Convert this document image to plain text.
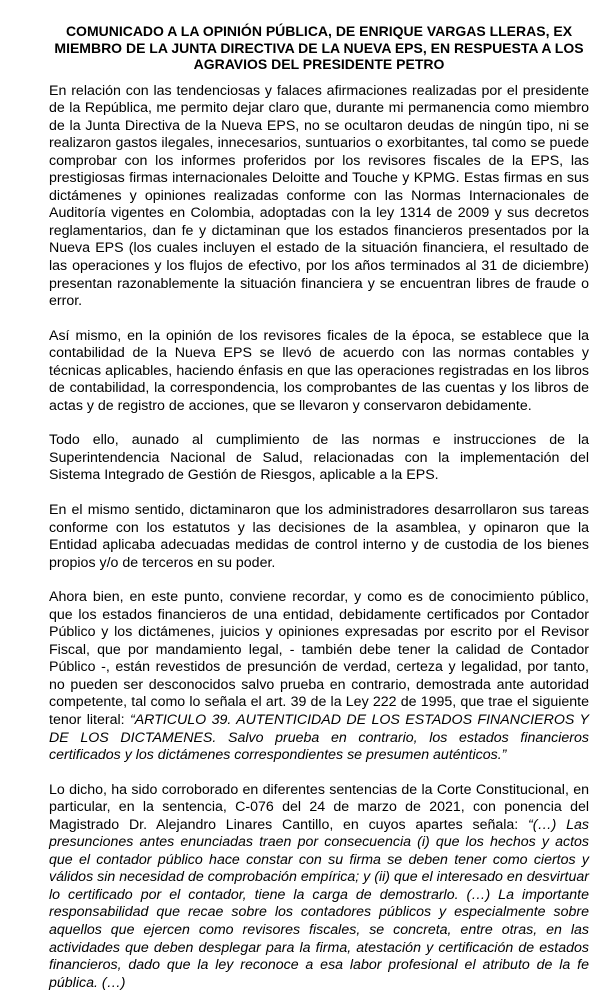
COMUNICADO A LA OPINIÓN PÚBLICA, DE ENRIQUE VARGAS LLERAS, EX MIEMBRO DE LA JUNTA DIRECTIVA DE LA NUEVA EPS, EN RESPUESTA A LOS AGRAVIOS DEL PRESIDENTE PETRO

En relación con las tendenciosas y falaces afirmaciones realizadas por el presidente de la República, me permito dejar claro que, durante mi permanencia como miembro de la Junta Directiva de la Nueva EPS, no se ocultaron deudas de ningún tipo, ni se realizaron gastos ilegales, innecesarios, suntuarios o exorbitantes, tal como se puede comprobar con los informes proferidos por los revisores fiscales de la EPS, las prestigiosas firmas internacionales Deloitte and Touche y KPMG. Estas firmas en sus dictámenes y opiniones realizadas conforme con las Normas Internacionales de Auditoría vigentes en Colombia, adoptadas con la ley 1314 de 2009 y sus decretos reglamentarios, dan fe y dictaminan que los estados financieros presentados por la Nueva EPS (los cuales incluyen el estado de la situación financiera, el resultado de las operaciones y los flujos de efectivo, por los años terminados al 31 de diciembre) presentan razonablemente la situación financiera y se encuentran libres de fraude o error.

Así mismo, en la opinión de los revisores ficales de la época, se establece que la contabilidad de la Nueva EPS se llevó de acuerdo con las normas contables y técnicas aplicables, haciendo énfasis en que las operaciones registradas en los libros de contabilidad, la correspondencia, los comprobantes de las cuentas y los libros de actas y de registro de acciones, que se llevaron y conservaron debidamente.

Todo ello, aunado al cumplimiento de las normas e instrucciones de la Superintendencia Nacional de Salud, relacionadas con la implementación del Sistema Integrado de Gestión de Riesgos, aplicable a la EPS.

En el mismo sentido, dictaminaron que los administradores desarrollaron sus tareas conforme con los estatutos y las decisiones de la asamblea, y opinaron que la Entidad aplicaba adecuadas medidas de control interno y de custodia de los bienes propios y/o de terceros en su poder.

Ahora bien, en este punto, conviene recordar, y como es de conocimiento público, que los estados financieros de una entidad, debidamente certificados por Contador Público y los dictámenes, juicios y opiniones expresadas por escrito por el Revisor Fiscal, que por mandamiento legal, - también debe tener la calidad de Contador Público -, están revestidos de presunción de verdad, certeza y legalidad, por tanto, no pueden ser desconocidos salvo prueba en contrario, demostrada ante autoridad competente, tal como lo señala el art. 39 de la Ley 222 de 1995, que trae el siguiente tenor literal: “ARTICULO 39. AUTENTICIDAD DE LOS ESTADOS FINANCIEROS Y DE LOS DICTAMENES. Salvo prueba en contrario, los estados financieros certificados y los dictámenes correspondientes se presumen auténticos.”

Lo dicho, ha sido corroborado en diferentes sentencias de la Corte Constitucional, en particular, en la sentencia, C-076 del 24 de marzo de 2021, con ponencia del Magistrado Dr. Alejandro Linares Cantillo, en cuyos apartes señala: “(…) Las presunciones antes enunciadas traen por consecuencia (i) que los hechos y actos que el contador público hace constar con su firma se deben tener como ciertos y válidos sin necesidad de comprobación empírica; y (ii) que el interesado en desvirtuar lo certificado por el contador, tiene la carga de demostrarlo. (…) La importante responsabilidad que recae sobre los contadores públicos y especialmente sobre aquellos que ejercen como revisores fiscales, se concreta, entre otras, en las actividades que deben desplegar para la firma, atestación y certificación de estados financieros, dado que la ley reconoce a esa labor profesional el atributo de la fe pública. (…)
